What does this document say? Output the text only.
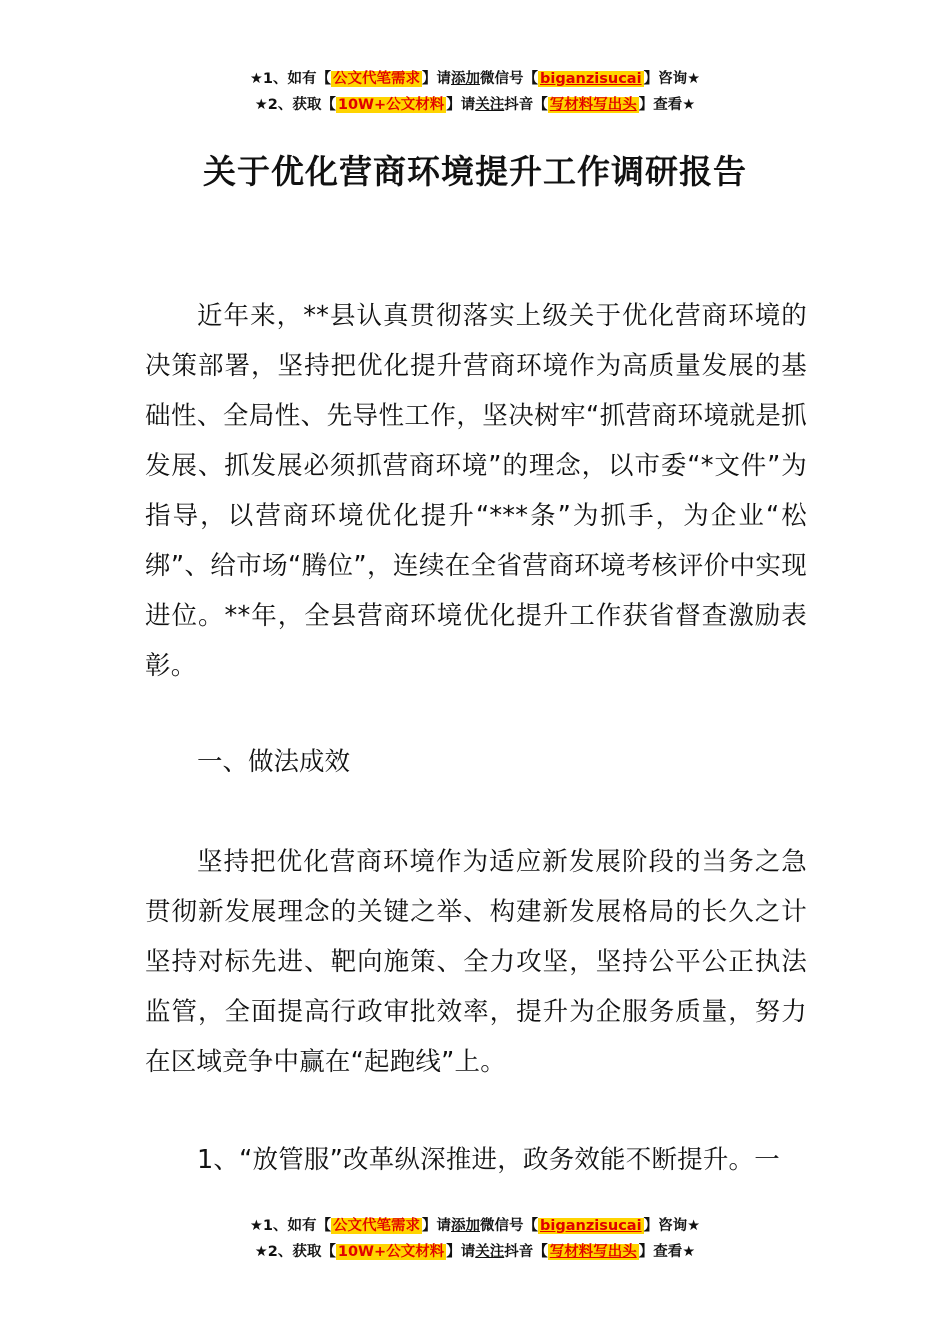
★1、如有【 公文代笔需求 】请添加微信号【 biganzisucai 】咨询★
★2、获取【 10W+公文材料 】请关注抖音【 写材料写出头 】查看★
关于优化营商环境提升工作调研报告

近年来，**县认真贯彻落实上级关于优化营商环境的决策部署，坚持把优化提升营商环境作为高质量发展的基础性、全局性、先导性工作，坚决树牢“抓营商环境就是抓发展、抓发展必须抓营商环境”的理念，以市委“*文件”为指导，以营商环境优化提升“***条”为抓手，为企业“松绑”、给市场“腾位”，连续在全省营商环境考核评价中实现进位。**年，全县营商环境优化提升工作获省督查激励表彰。

一、做法成效

坚持把优化营商环境作为适应新发展阶段的当务之急贯彻新发展理念的关键之举、构建新发展格局的长久之计坚持对标先进、靶向施策、全力攻坚，坚持公平公正执法监管，全面提高行政审批效率，提升为企服务质量，努力在区域竞争中赢在“起跑线”上。

1、“放管服”改革纵深推进，政务效能不断提升。一

★1、如有【 公文代笔需求 】请添加微信号【 biganzisucai 】咨询★
★2、获取【 10W+公文材料 】请关注抖音【 写材料写出头 】查看★
